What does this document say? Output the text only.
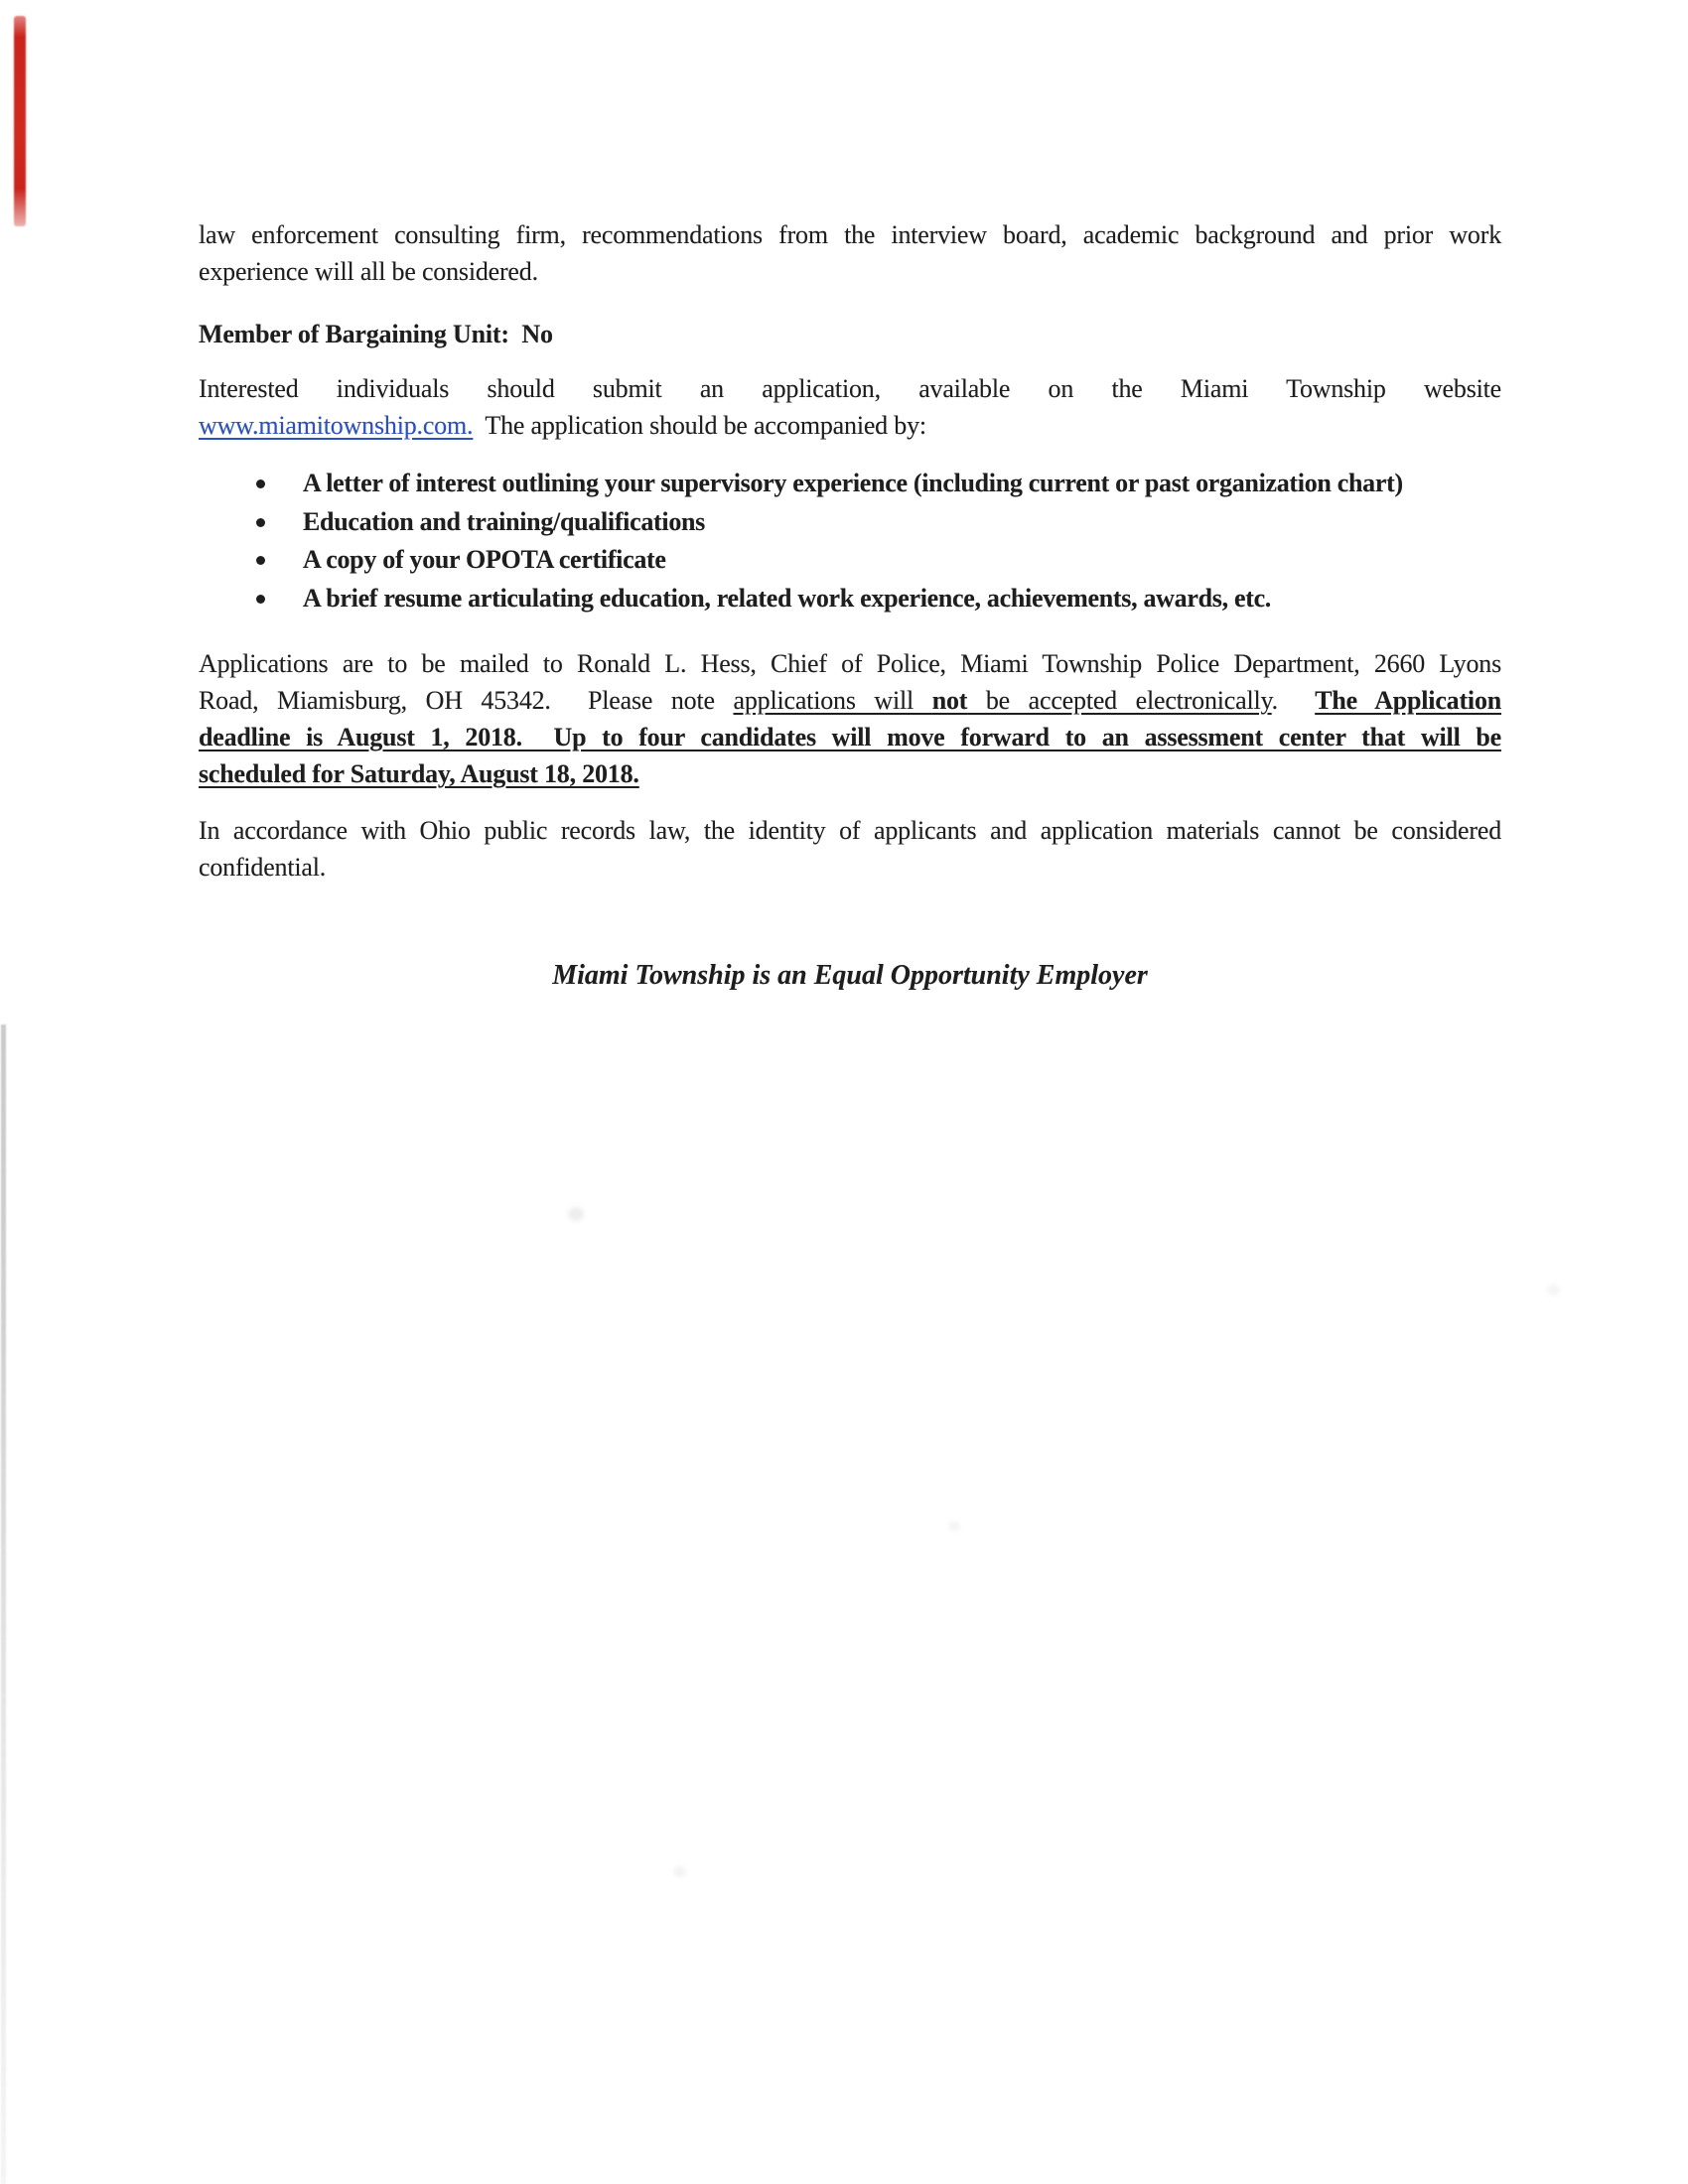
law enforcement consulting firm, recommendations from the interview board, academic background and prior work
experience will all be considered.

Member of Bargaining Unit:  No

Interested individuals should submit an application, available on the Miami Township website
www.miamitownship.com.  The application should be accompanied by:

A letter of interest outlining your supervisory experience (including current or past organization chart)
Education and training/qualifications
A copy of your OPOTA certificate
A brief resume articulating education, related work experience, achievements, awards, etc.

Applications are to be mailed to Ronald L. Hess, Chief of Police, Miami Township Police Department, 2660 Lyons
Road, Miamisburg, OH 45342.  Please note applications will not be accepted electronically.  The Application
deadline is August 1, 2018.  Up to four candidates will move forward to an assessment center that will be
scheduled for Saturday, August 18, 2018.

In accordance with Ohio public records law, the identity of applicants and application materials cannot be considered
confidential.

Miami Township is an Equal Opportunity Employer
